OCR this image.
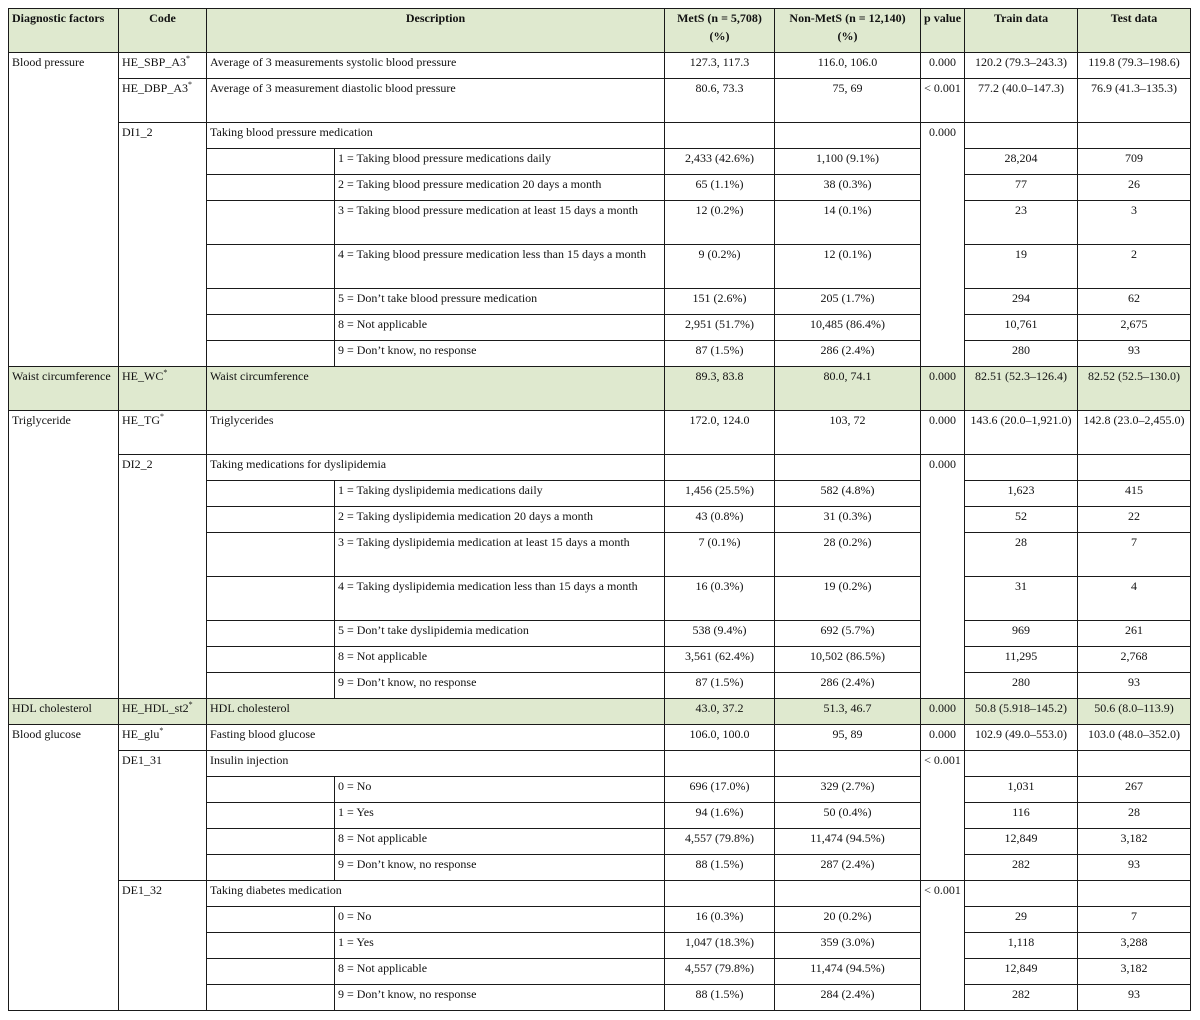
Diagnostic factors	Code	Description		MetS (n = 5,708) (%)	Non-MetS (n = 12,140) (%)	p value	Train data	Test data
Blood pressure	HE_SBP_A3*	Average of 3 measurements systolic blood pressure		127.3, 117.3	116.0, 106.0	0.000	120.2 (79.3–243.3)	119.8 (79.3–198.6)
	HE_DBP_A3*	Average of 3 measurement diastolic blood pressure		80.6, 73.3	75, 69	< 0.001	77.2 (40.0–147.3)	76.9 (41.3–135.3)
	DI1_2	Taking blood pressure medication				0.000		
			1 = Taking blood pressure medications daily	2,433 (42.6%)	1,100 (9.1%)		28,204	709
			2 = Taking blood pressure medication 20 days a month	65 (1.1%)	38 (0.3%)		77	26
			3 = Taking blood pressure medication at least 15 days a month	12 (0.2%)	14 (0.1%)		23	3
			4 = Taking blood pressure medication less than 15 days a month	9 (0.2%)	12 (0.1%)		19	2
			5 = Don’t take blood pressure medication	151 (2.6%)	205 (1.7%)		294	62
			8 = Not applicable	2,951 (51.7%)	10,485 (86.4%)		10,761	2,675
			9 = Don’t know, no response	87 (1.5%)	286 (2.4%)		280	93
Waist circumference	HE_WC*	Waist circumference		89.3, 83.8	80.0, 74.1	0.000	82.51 (52.3–126.4)	82.52 (52.5–130.0)
Triglyceride	HE_TG*	Triglycerides		172.0, 124.0	103, 72	0.000	143.6 (20.0–1,921.0)	142.8 (23.0–2,455.0)
	DI2_2	Taking medications for dyslipidemia				0.000		
			1 = Taking dyslipidemia medications daily	1,456 (25.5%)	582 (4.8%)		1,623	415
			2 = Taking dyslipidemia medication 20 days a month	43 (0.8%)	31 (0.3%)		52	22
			3 = Taking dyslipidemia medication at least 15 days a month	7 (0.1%)	28 (0.2%)		28	7
			4 = Taking dyslipidemia medication less than 15 days a month	16 (0.3%)	19 (0.2%)		31	4
			5 = Don’t take dyslipidemia medication	538 (9.4%)	692 (5.7%)		969	261
			8 = Not applicable	3,561 (62.4%)	10,502 (86.5%)		11,295	2,768
			9 = Don’t know, no response	87 (1.5%)	286 (2.4%)		280	93
HDL cholesterol	HE_HDL_st2*	HDL cholesterol		43.0, 37.2	51.3, 46.7	0.000	50.8 (5.918–145.2)	50.6 (8.0–113.9)
Blood glucose	HE_glu*	Fasting blood glucose		106.0, 100.0	95, 89	0.000	102.9 (49.0–553.0)	103.0 (48.0–352.0)
	DE1_31	Insulin injection				< 0.001		
			0 = No	696 (17.0%)	329 (2.7%)		1,031	267
			1 = Yes	94 (1.6%)	50 (0.4%)		116	28
			8 = Not applicable	4,557 (79.8%)	11,474 (94.5%)		12,849	3,182
			9 = Don’t know, no response	88 (1.5%)	287 (2.4%)		282	93
	DE1_32	Taking diabetes medication				< 0.001		
			0 = No	16 (0.3%)	20 (0.2%)		29	7
			1 = Yes	1,047 (18.3%)	359 (3.0%)		1,118	3,288
			8 = Not applicable	4,557 (79.8%)	11,474 (94.5%)		12,849	3,182
			9 = Don’t know, no response	88 (1.5%)	284 (2.4%)		282	93
